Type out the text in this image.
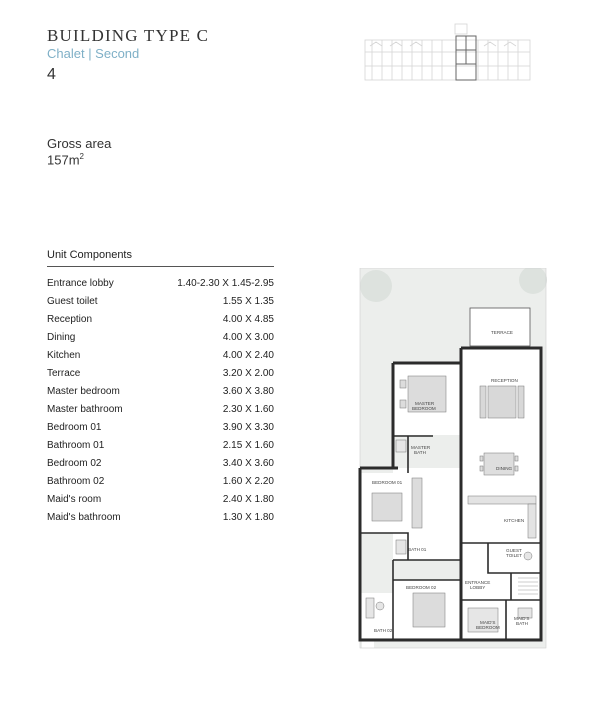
BUILDING TYPE C
Chalet | Second
4
Gross area
$157m^2$
Unit Components
Entrance lobby	1.40-2.30 X 1.45-2.95
Guest toilet	1.55 X 1.35
Reception	4.00 X 4.85
Dining	4.00 X 3.00
Kitchen	4.00 X 2.40
Terrace	3.20 X 2.00
Master bedroom	3.60 X 3.80
Master bathroom	2.30 X 1.60
Bedroom 01	3.90 X 3.30
Bathroom 01	2.15 X 1.60
Bedroom 02	3.40 X 3.60
Bathroom 02	1.60 X 2.20
Maid's room	2.40 X 1.80
Maid's bathroom	1.30 X 1.80
TERRACE
RECEPTION
MASTER
BEDROOM
MASTER
BATH
DINING
BEDROOM 01
KITCHEN
BATH 01	GUEST
TOILET
ENTRANCE
LOBBY
BEDROOM 02
MAID'S
BEDROOM
MAID'S
BATH
BATH 02
